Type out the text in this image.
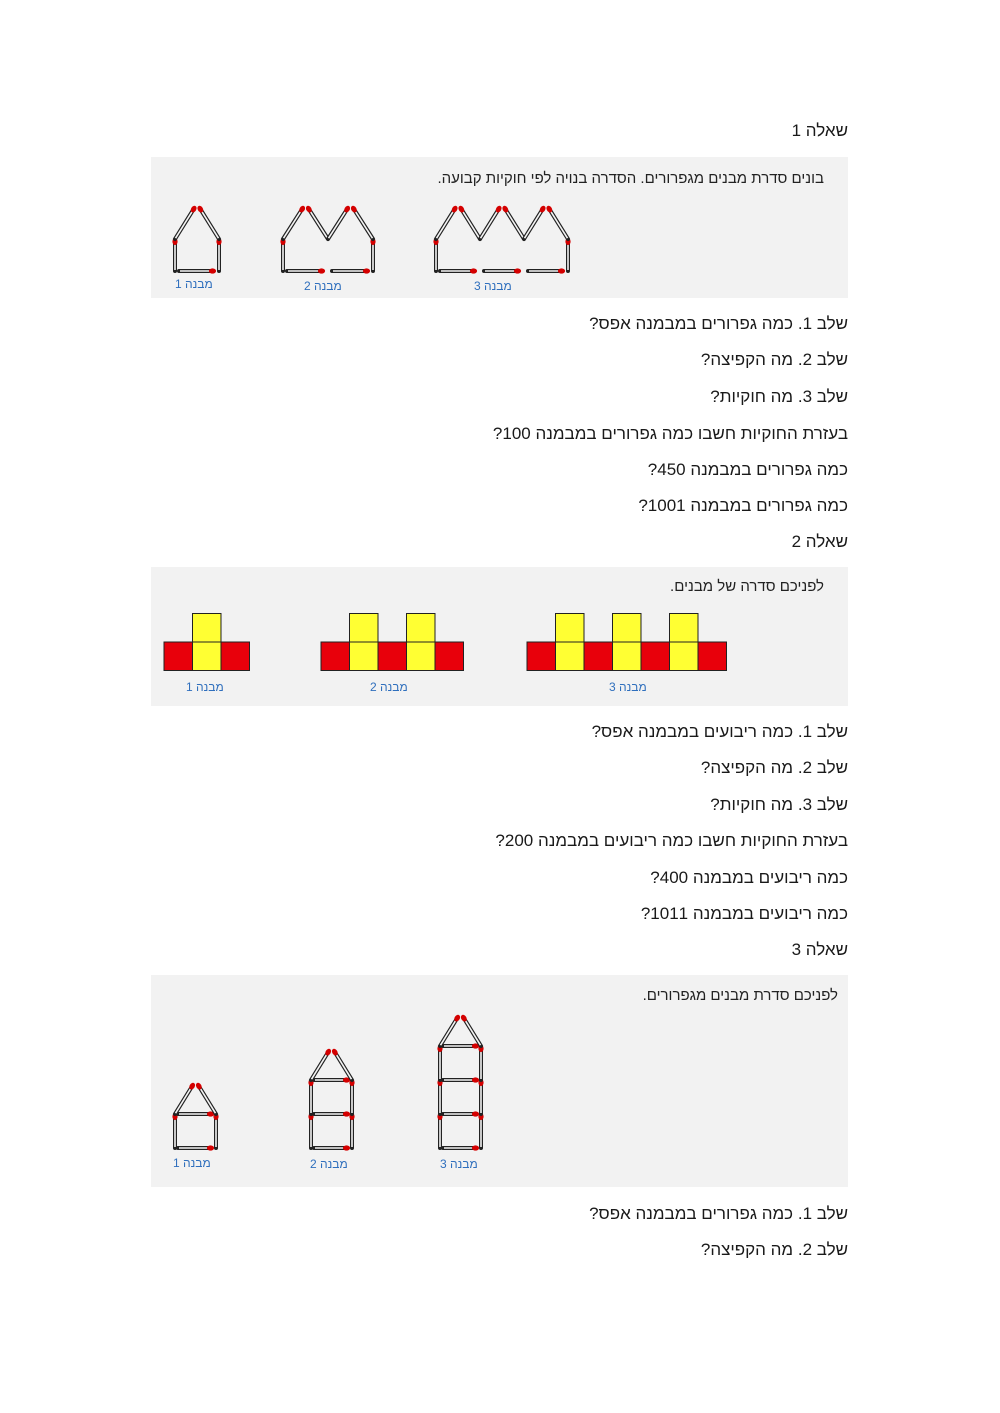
שאלה 1
בונים סדרת מבנים מגפרורים. הסדרה בנויה לפי חוקיות קבועה.
מבנה 1	מבנה 2	מבנה 3
שלב 1. כמה גפרורים במבמנה אפס?
שלב 2. מה הקפיצה?
שלב 3. מה חוקיות?
בעזרת החוקיות חשבו כמה גפרורים במבמנה 100?
כמה גפרורים במבמנה 450?
כמה גפרורים במבמנה 1001?
שאלה 2
לפניכם סדרה של מבנים.
מבנה 1	מבנה 2	מבנה 3
שלב 1. כמה ריבועים במבמנה אפס?
שלב 2. מה הקפיצה?
שלב 3. מה חוקיות?
בעזרת החוקיות חשבו כמה ריבועים במבמנה 200?
כמה ריבועים במבמנה 400?
כמה ריבועים במבמנה 1011?
שאלה 3
לפניכם סדרת מבנים מגפרורים.
מבנה 1	מבנה 2	מבנה 3
שלב 1. כמה גפרורים במבמנה אפס?
שלב 2. מה הקפיצה?
